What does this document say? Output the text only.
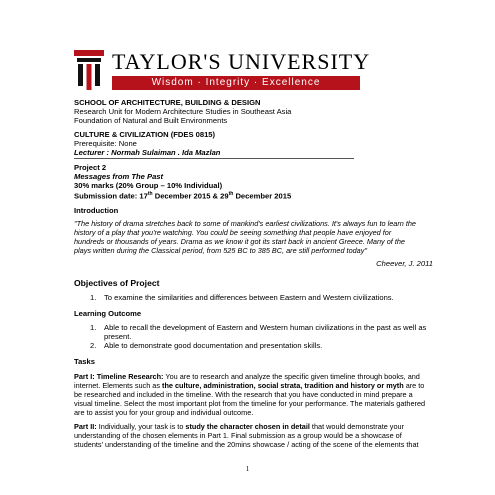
TAYLOR'S UNIVERSITY
Wisdom · Integrity · Excellence
SCHOOL OF ARCHITECTURE, BUILDING & DESIGN
Research Unit for Modern Architecture Studies in Southeast Asia
Foundation of Natural and Built Environments
CULTURE & CIVILIZATION (FDES 0815)
Prerequisite: None
Lecturer : Normah Sulaiman . Ida Mazlan
Project 2
Messages from The Past
30% marks (20% Group – 10% Individual)
Submission date: 17th December 2015 & 29th December 2015
Introduction
"The history of drama stretches back to some of mankind's earliest civilizations. It's always fun to learn the
history of a play that you're watching. You could be seeing something that people have enjoyed for
hundreds or thousands of years. Drama as we know it got its start back in ancient Greece. Many of the
plays written during the Classical period, from 525 BC to 385 BC, are still performed today"
Cheever, J. 2011
Objectives of Project
1. To examine the similarities and differences between Eastern and Western civilizations.
Learning Outcome
1. Able to recall the development of Eastern and Western human civilizations in the past as well as
present.
2. Able to demonstrate good documentation and presentation skills.
Tasks
Part I: Timeline Research: You are to research and analyze the specific given timeline through books, and
internet. Elements such as the culture, administration, social strata, tradition and history or myth are to
be researched and included in the timeline. With the research that you have conducted in mind prepare a
visual timeline. Select the most important plot from the timeline for your performance. The materials gathered
are to assist you for your group and individual outcome.
Part II: Individually, your task is to study the character chosen in detail that would demonstrate your
understanding of the chosen elements in Part 1. Final submission as a group would be a showcase of
students' understanding of the timeline and the 20mins showcase / acting of the scene of the elements that
1
